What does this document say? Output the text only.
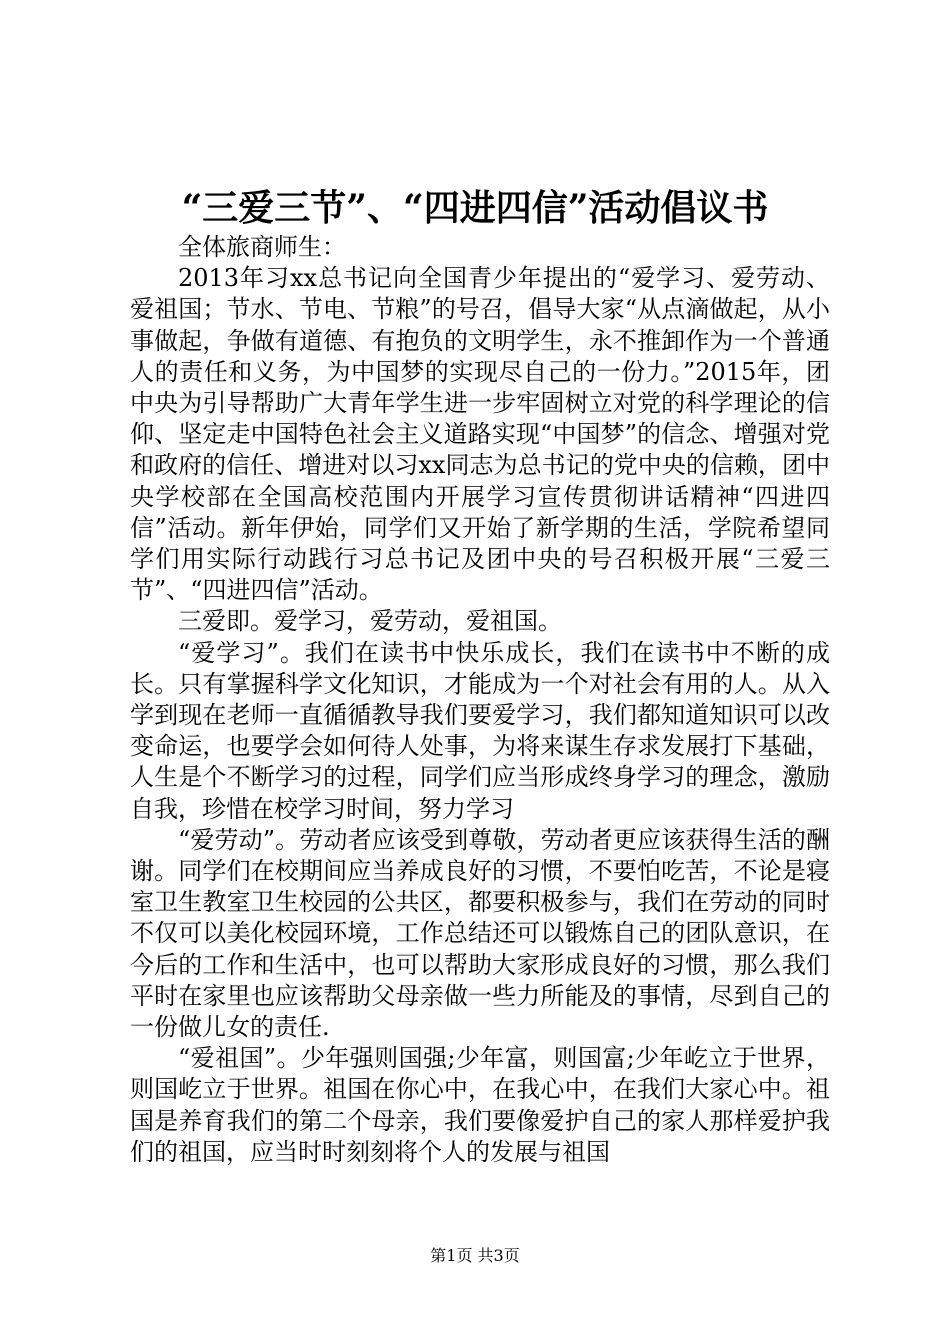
“三爱三节”、“四进四信”活动倡议书

全体旅商师生：

2013年习xx总书记向全国青少年提出的“爱学习、爱劳动、爱祖国；节水、节电、节粮”的号召，倡导大家“从点滴做起，从小事做起，争做有道德、有抱负的文明学生，永不推卸作为一个普通人的责任和义务，为中国梦的实现尽自己的一份力。”2015年，团中央为引导帮助广大青年学生进一步牢固树立对党的科学理论的信仰、坚定走中国特色社会主义道路实现“中国梦”的信念、增强对党和政府的信任、增进对以习xx同志为总书记的党中央的信赖，团中央学校部在全国高校范围内开展学习宣传贯彻讲话精神“四进四信”活动。新年伊始，同学们又开始了新学期的生活，学院希望同学们用实际行动践行习总书记及团中央的号召积极开展“三爱三节”、“四进四信”活动。

三爱即。爱学习，爱劳动，爱祖国。

“爱学习”。我们在读书中快乐成长，我们在读书中不断的成长。只有掌握科学文化知识，才能成为一个对社会有用的人。从入学到现在老师一直循循教导我们要爱学习，我们都知道知识可以改变命运，也要学会如何待人处事，为将来谋生存求发展打下基础，人生是个不断学习的过程，同学们应当形成终身学习的理念，激励自我，珍惜在校学习时间，努力学习

“爱劳动”。劳动者应该受到尊敬，劳动者更应该获得生活的酬谢。同学们在校期间应当养成良好的习惯，不要怕吃苦，不论是寝室卫生教室卫生校园的公共区，都要积极参与，我们在劳动的同时不仅可以美化校园环境，工作总结还可以锻炼自己的团队意识，在今后的工作和生活中，也可以帮助大家形成良好的习惯，那么我们平时在家里也应该帮助父母亲做一些力所能及的事情，尽到自己的一份做儿女的责任.

“爱祖国”。少年强则国强;少年富，则国富;少年屹立于世界，则国屹立于世界。祖国在你心中，在我心中，在我们大家心中。祖国是养育我们的第二个母亲，我们要像爱护自己的家人那样爱护我们的祖国，应当时时刻刻将个人的发展与祖国

第1页 共3页
